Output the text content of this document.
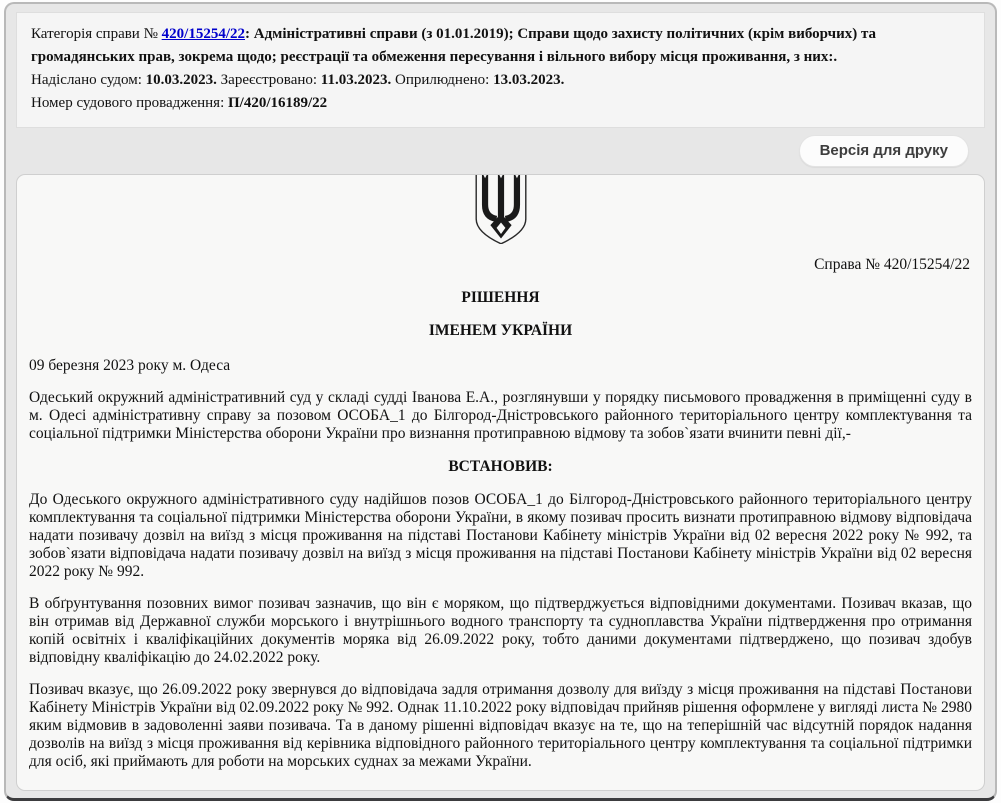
Категорія справи № 420/15254/22: Адміністративні справи (з 01.01.2019); Справи щодо захисту політичних (крім виборчих) та громадянських прав, зокрема щодо; реєстрації та обмеження пересування і вільного вибору місця проживання, з них:.

Надіслано судом: 10.03.2023. Зареєстровано: 11.03.2023. Оприлюднено: 13.03.2023.

Номер судового провадження: П/420/16189/22

Версія для друку

Справа № 420/15254/22

РІШЕННЯ

ІМЕНЕМ УКРАЇНИ

09 березня 2023 року м. Одеса

Одеський окружний адміністративний суд у складі судді Іванова Е.А., розглянувши у порядку письмового провадження в приміщенні суду в м. Одесі адміністративну справу за позовом ОСОБА_1 до Білгород-Дністровського районного територіального центру комплектування та соціальної підтримки Міністерства оборони України про визнання протиправною відмову та зобов`язати вчинити певні дії,-

ВСТАНОВИВ:

До Одеського окружного адміністративного суду надійшов позов ОСОБА_1 до Білгород-Дністровського районного територіального центру комплектування та соціальної підтримки Міністерства оборони України, в якому позивач просить визнати протиправною відмову відповідача надати позивачу дозвіл на виїзд з місця проживання на підставі Постанови Кабінету міністрів України від 02 вересня 2022 року № 992, та зобов`язати відповідача надати позивачу дозвіл на виїзд з місця проживання на підставі Постанови Кабінету міністрів України від 02 вересня 2022 року № 992.

В обґрунтування позовних вимог позивач зазначив, що він є моряком, що підтверджується відповідними документами. Позивач вказав, що він отримав від Державної служби морського і внутрішнього водного транспорту та судноплавства України підтвердження про отримання копій освітніх і кваліфікаційних документів моряка від 26.09.2022 року, тобто даними документами підтверджено, що позивач здобув відповідну кваліфікацію до 24.02.2022 року.

Позивач вказує, що 26.09.2022 року звернувся до відповідача задля отримання дозволу для виїзду з місця проживання на підставі Постанови Кабінету Міністрів України від 02.09.2022 року № 992. Однак 11.10.2022 року відповідач прийняв рішення оформлене у вигляді листа № 2980 яким відмовив в задоволенні заяви позивача. Та в даному рішенні відповідач вказує на те, що на теперішній час відсутній порядок надання дозволів на виїзд з місця проживання від керівника відповідного районного територіального центру комплектування та соціальної підтримки для осіб, які приймають для роботи на морських суднах за межами України.
